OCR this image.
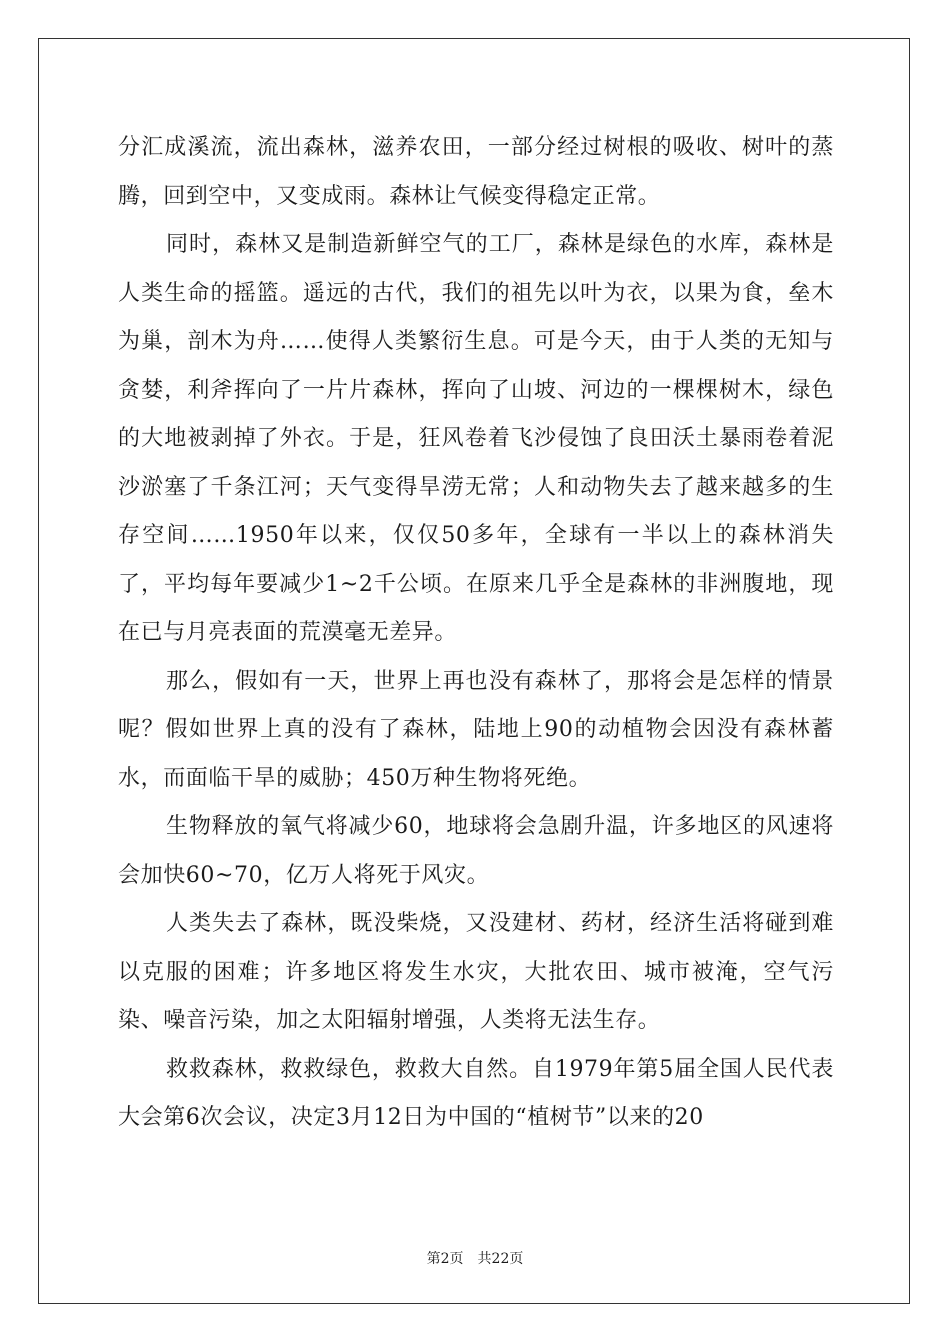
分汇成溪流，流出森林，滋养农田，一部分经过树根的吸收、树叶的蒸腾，回到空中，又变成雨。森林让气候变得稳定正常。

同时，森林又是制造新鲜空气的工厂，森林是绿色的水库，森林是人类生命的摇篮。遥远的古代，我们的祖先以叶为衣，以果为食，垒木为巢，剖木为舟……使得人类繁衍生息。可是今天，由于人类的无知与贪婪，利斧挥向了一片片森林，挥向了山坡、河边的一棵棵树木，绿色的大地被剥掉了外衣。于是，狂风卷着飞沙侵蚀了良田沃土暴雨卷着泥沙淤塞了千条江河；天气变得旱涝无常；人和动物失去了越来越多的生存空间……1950年以来，仅仅50多年，全球有一半以上的森林消失了，平均每年要减少1~2千公顷。在原来几乎全是森林的非洲腹地，现在已与月亮表面的荒漠毫无差异。

那么，假如有一天，世界上再也没有森林了，那将会是怎样的情景呢？假如世界上真的没有了森林，陆地上90的动植物会因没有森林蓄水，而面临干旱的威胁；450万种生物将死绝。

生物释放的氧气将减少60，地球将会急剧升温，许多地区的风速将会加快60~70，亿万人将死于风灾。

人类失去了森林，既没柴烧，又没建材、药材，经济生活将碰到难以克服的困难；许多地区将发生水灾，大批农田、城市被淹，空气污染、噪音污染，加之太阳辐射增强，人类将无法生存。

救救森林，救救绿色，救救大自然。自1979年第5届全国人民代表大会第6次会议，决定3月12日为中国的“植树节”以来的20

第2页 共22页
